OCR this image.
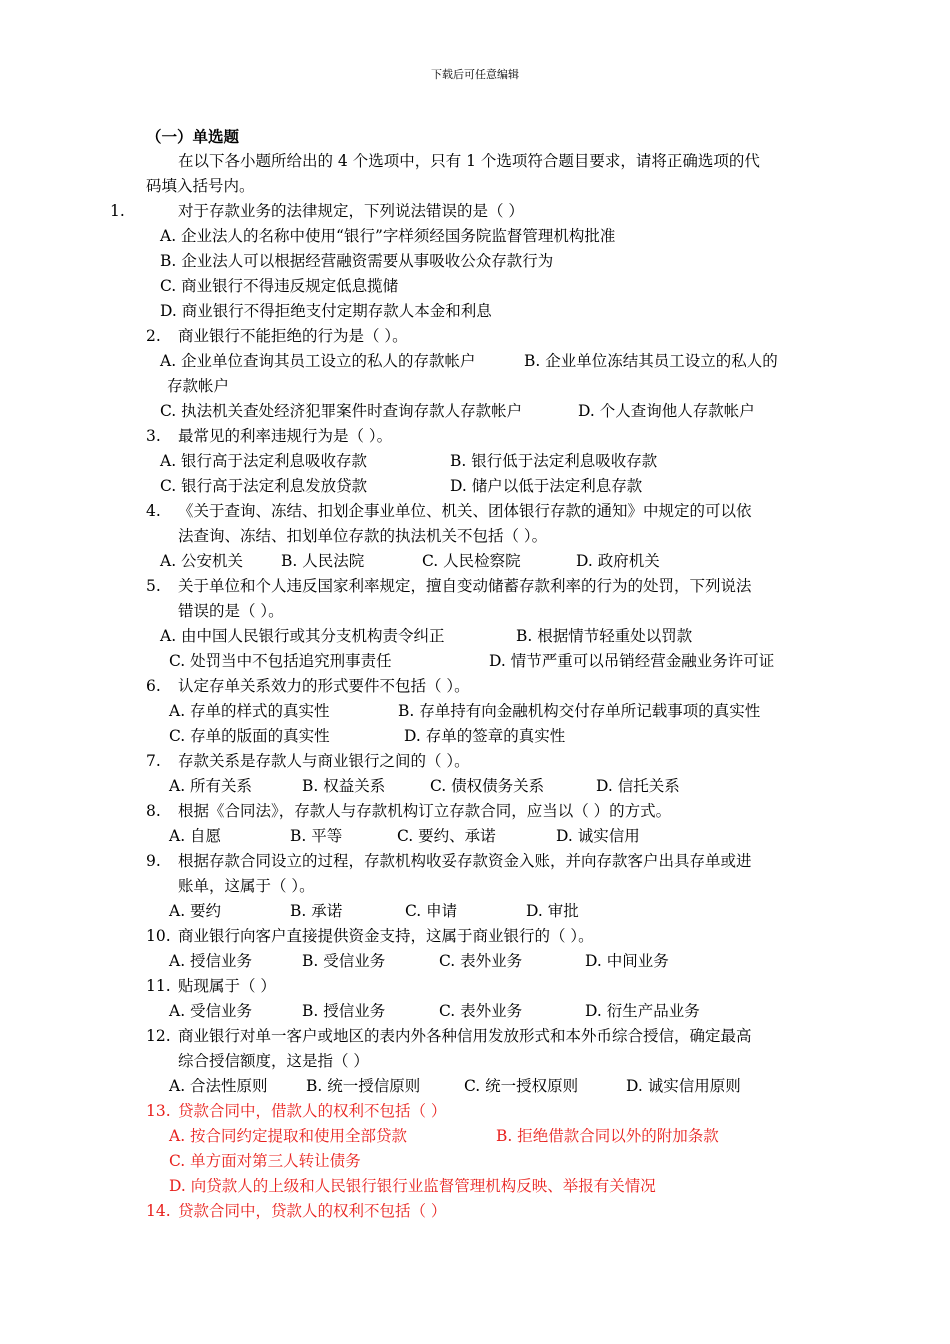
下载后可任意编辑
（一）单选题
在以下各小题所给出的 4 个选项中，只有 1 个选项符合题目要求，请将正确选项的代
码填入括号内。
1.	对于存款业务的法律规定，下列说法错误的是（ ）
A. 企业法人的名称中使用“银行”字样须经国务院监督管理机构批准
B. 企业法人可以根据经营融资需要从事吸收公众存款行为
C. 商业银行不得违反规定低息揽储
D. 商业银行不得拒绝支付定期存款人本金和利息
2. 商业银行不能拒绝的行为是（ ）。
A. 企业单位查询其员工设立的私人的存款帐户	B. 企业单位冻结其员工设立的私人的
存款帐户
C. 执法机关查处经济犯罪案件时查询存款人存款帐户	D. 个人查询他人存款帐户
3. 最常见的利率违规行为是（ ）。
A. 银行高于法定利息吸收存款	B. 银行低于法定利息吸收存款
C. 银行高于法定利息发放贷款	D. 储户以低于法定利息存款
4. 《关于查询、冻结、扣划企事业单位、机关、团体银行存款的通知》中规定的可以依
法查询、冻结、扣划单位存款的执法机关不包括（ ）。
A. 公安机关 B. 人民法院	C. 人民检察院	D. 政府机关
5. 关于单位和个人违反国家利率规定，擅自变动储蓄存款利率的行为的处罚，下列说法
错误的是（ ）。
A. 由中国人民银行或其分支机构责令纠正	B. 根据情节轻重处以罚款
C. 处罚当中不包括追究刑事责任	D. 情节严重可以吊销经营金融业务许可证
6. 认定存单关系效力的形式要件不包括（ ）。
A. 存单的样式的真实性	B. 存单持有向金融机构交付存单所记载事项的真实性
C. 存单的版面的真实性	D. 存单的签章的真实性
7. 存款关系是存款人与商业银行之间的（ ）。
A. 所有关系	B. 权益关系	C. 债权债务关系	D. 信托关系
8. 根据《合同法》，存款人与存款机构订立存款合同，应当以（ ）的方式。
A. 自愿	B. 平等	C. 要约、承诺	D. 诚实信用
9. 根据存款合同设立的过程，存款机构收妥存款资金入账，并向存款客户出具存单或进
账单，这属于（ ）。
A. 要约	B. 承诺	C. 申请	D. 审批
10. 商业银行向客户直接提供资金支持，这属于商业银行的（ ）。
A. 授信业务	B. 受信业务	C. 表外业务	D. 中间业务
11. 贴现属于（ ）
A. 受信业务	B. 授信业务	C. 表外业务	D. 衍生产品业务
12. 商业银行对单一客户或地区的表内外各种信用发放形式和本外币综合授信，确定最高
综合授信额度，这是指（ ）
A. 合法性原则 B. 统一授信原则	C. 统一授权原则	D. 诚实信用原则
13. 贷款合同中，借款人的权利不包括（ ）
A. 按合同约定提取和使用全部贷款	B. 拒绝借款合同以外的附加条款
C. 单方面对第三人转让债务
D. 向贷款人的上级和人民银行银行业监督管理机构反映、举报有关情况
14. 贷款合同中，贷款人的权利不包括（ ）
